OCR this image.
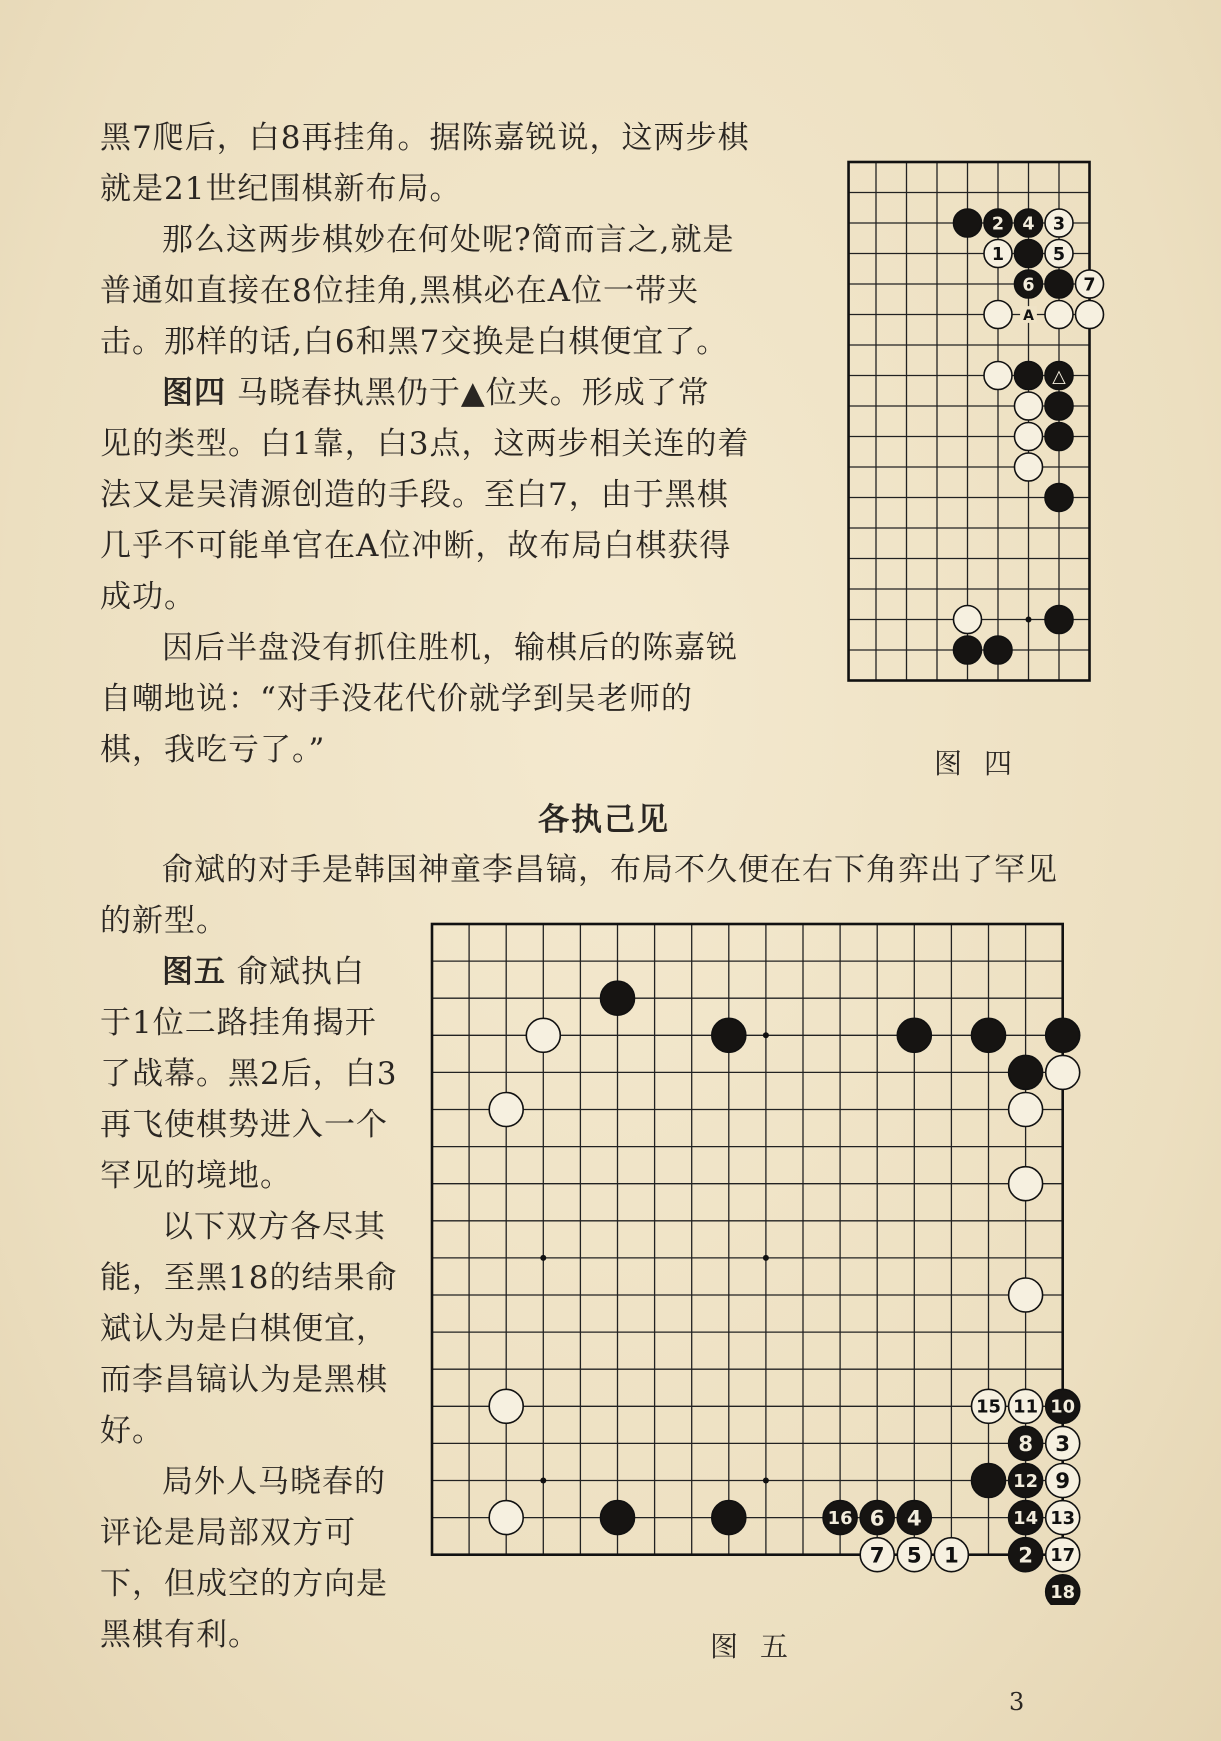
黑7爬后，白8再挂角。据陈嘉锐说，这两步棋

就是21世纪围棋新布局。

那么这两步棋妙在何处呢?简而言之,就是

普通如直接在8位挂角,黑棋必在A位一带夹

击。那样的话,白6和黑7交换是白棋便宜了。

图四 马晓春执黑仍于▲位夹。形成了常

见的类型。白1靠，白3点，这两步相关连的着

法又是吴清源创造的手段。至白7，由于黑棋

几乎不可能单官在A位冲断，故布局白棋获得

成功。

因后半盘没有抓住胜机，输棋后的陈嘉锐

自嘲地说：“对手没花代价就学到吴老师的

棋，我吃亏了。”

2 4 3
1	5
6	7
A
△

图四

各执己见

俞斌的对手是韩国神童李昌镐，布局不久便在右下角弈出了罕见

的新型。

图五 俞斌执白

于1位二路挂角揭开

了战幕。黑2后，白3

再飞使棋势进入一个

罕见的境地。

以下双方各尽其

能，至黑18的结果俞

斌认为是白棋便宜，

而李昌镐认为是黑棋

好。

局外人马晓春的

评论是局部双方可

下，但成空的方向是

黑棋有利。

15 11 10
8 3
12 9
16 6 4	14 13
7 5 1	2 17
18

图五

3
